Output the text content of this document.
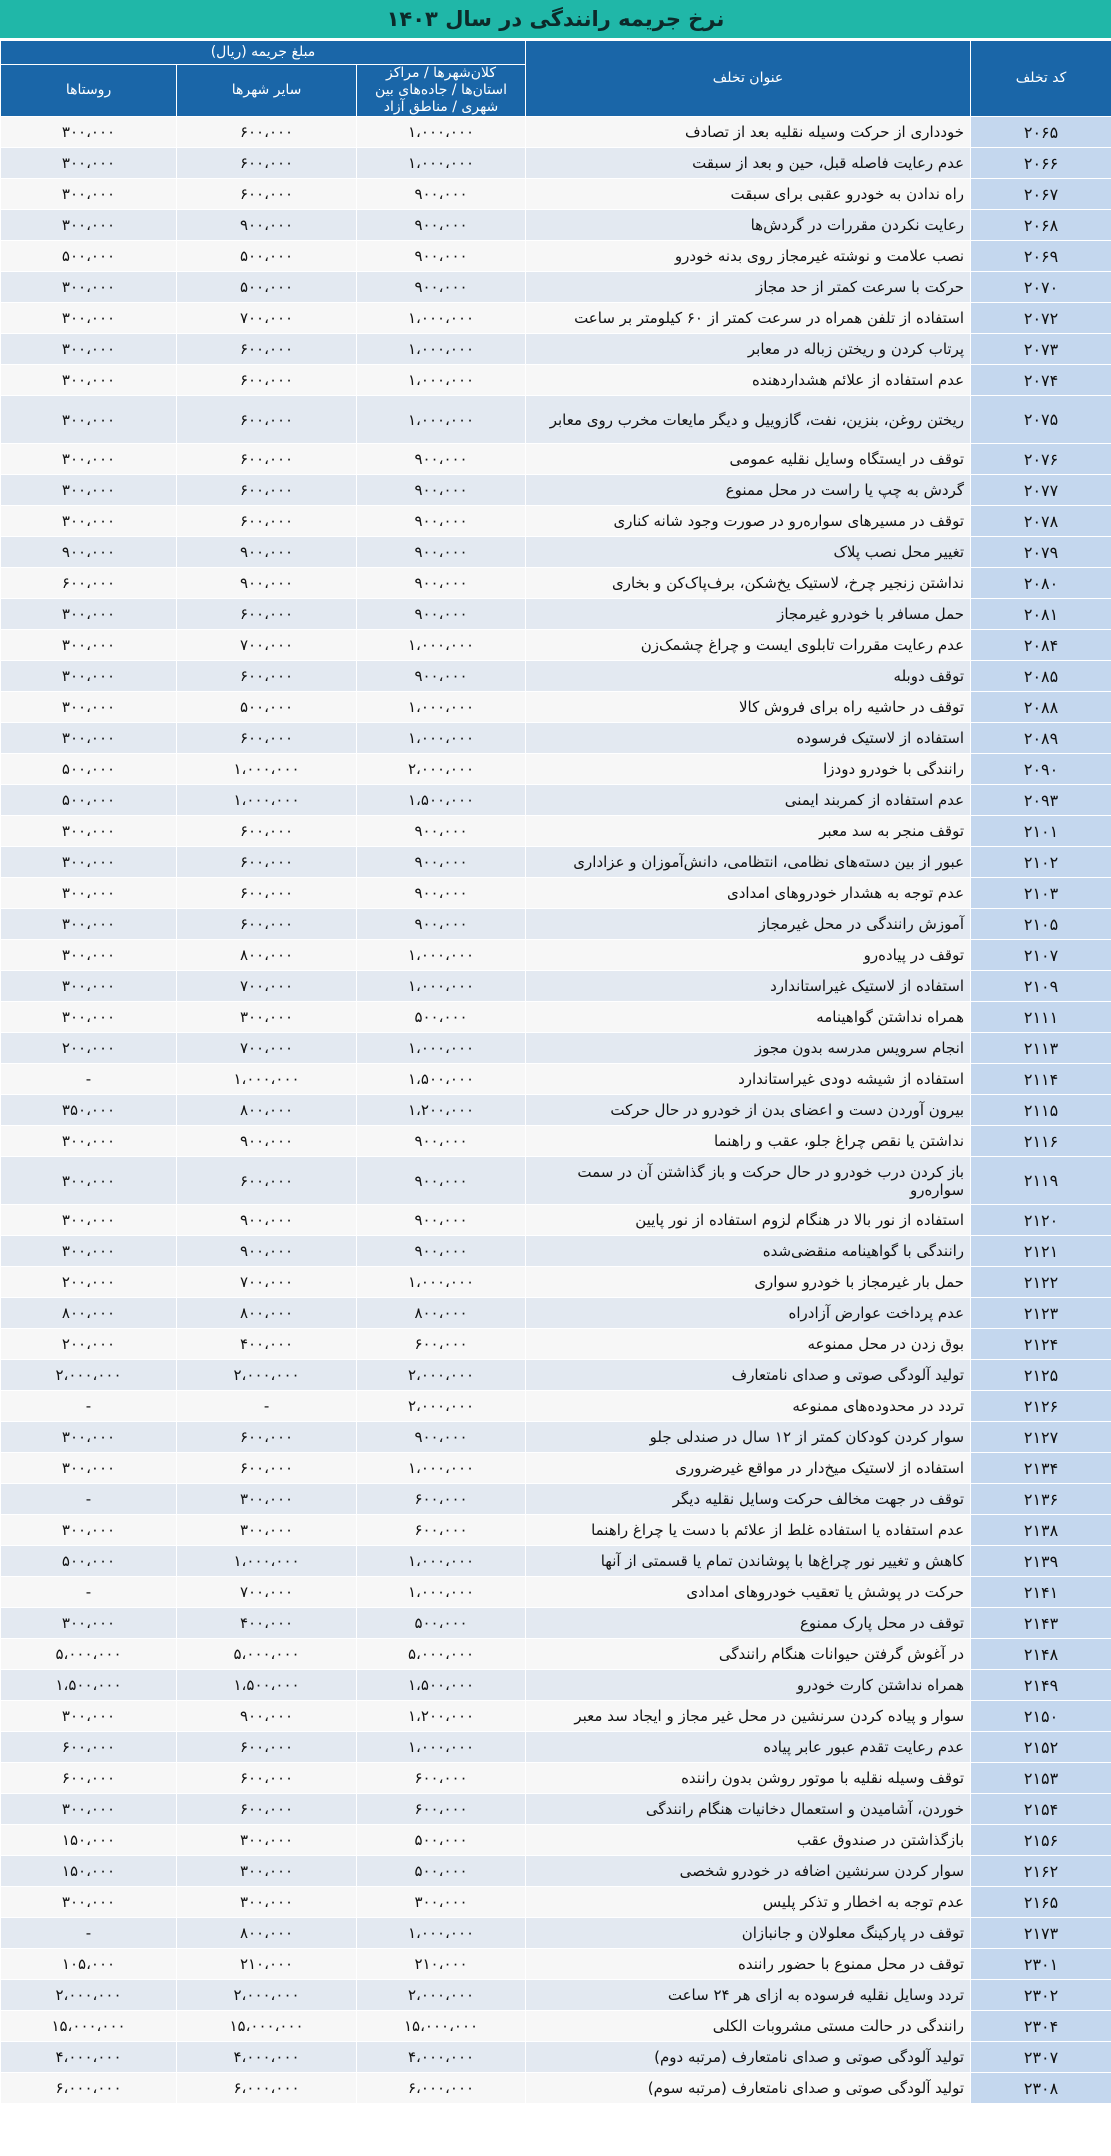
نرخ جریمه رانندگی در سال ۱۴۰۳
کد تخلف	عنوان تخلف	مبلغ جریمه (ریال)		
		کلان‌شهرها / مراکز استان‌ها / جاده‌های بین شهری / مناطق آزاد	سایر شهرها	روستاها
۲۰۶۵	خودداری از حرکت وسیله نقلیه بعد از تصادف	۱،۰۰۰،۰۰۰	۶۰۰،۰۰۰	۳۰۰،۰۰۰
۲۰۶۶	عدم رعایت فاصله قبل، حین و بعد از سبقت	۱،۰۰۰،۰۰۰	۶۰۰،۰۰۰	۳۰۰،۰۰۰
۲۰۶۷	راه ندادن به خودرو عقبی برای سبقت	۹۰۰،۰۰۰	۶۰۰،۰۰۰	۳۰۰،۰۰۰
۲۰۶۸	رعایت نکردن مقررات در گردش‌ها	۹۰۰،۰۰۰	۹۰۰،۰۰۰	۳۰۰،۰۰۰
۲۰۶۹	نصب علامت و نوشته غیرمجاز روی بدنه خودرو	۹۰۰،۰۰۰	۵۰۰،۰۰۰	۵۰۰،۰۰۰
۲۰۷۰	حرکت با سرعت کمتر از حد مجاز	۹۰۰،۰۰۰	۵۰۰،۰۰۰	۳۰۰،۰۰۰
۲۰۷۲	استفاده از تلفن همراه در سرعت کمتر از ۶۰ کیلومتر بر ساعت	۱،۰۰۰،۰۰۰	۷۰۰،۰۰۰	۳۰۰،۰۰۰
۲۰۷۳	پرتاب کردن و ریختن زباله در معابر	۱،۰۰۰،۰۰۰	۶۰۰،۰۰۰	۳۰۰،۰۰۰
۲۰۷۴	عدم استفاده از علائم هشداردهنده	۱،۰۰۰،۰۰۰	۶۰۰،۰۰۰	۳۰۰،۰۰۰
۲۰۷۵	ریختن روغن، بنزین، نفت، گازوییل و دیگر مایعات مخرب روی معابر	۱،۰۰۰،۰۰۰	۶۰۰،۰۰۰	۳۰۰،۰۰۰
۲۰۷۶	توقف در ایستگاه وسایل نقلیه عمومی	۹۰۰،۰۰۰	۶۰۰،۰۰۰	۳۰۰،۰۰۰
۲۰۷۷	گردش به چپ یا راست در محل ممنوع	۹۰۰،۰۰۰	۶۰۰،۰۰۰	۳۰۰،۰۰۰
۲۰۷۸	توقف در مسیرهای سواره‌رو در صورت وجود شانه کناری	۹۰۰،۰۰۰	۶۰۰،۰۰۰	۳۰۰،۰۰۰
۲۰۷۹	تغییر محل نصب پلاک	۹۰۰،۰۰۰	۹۰۰،۰۰۰	۹۰۰،۰۰۰
۲۰۸۰	نداشتن زنجیر چرخ، لاستیک یخ‌شکن، برف‌پاک‌کن و بخاری	۹۰۰،۰۰۰	۹۰۰،۰۰۰	۶۰۰،۰۰۰
۲۰۸۱	حمل مسافر با خودرو غیرمجاز	۹۰۰،۰۰۰	۶۰۰،۰۰۰	۳۰۰،۰۰۰
۲۰۸۴	عدم رعایت مقررات تابلوی ایست و چراغ چشمک‌زن	۱،۰۰۰،۰۰۰	۷۰۰،۰۰۰	۳۰۰،۰۰۰
۲۰۸۵	توقف دوبله	۹۰۰،۰۰۰	۶۰۰،۰۰۰	۳۰۰،۰۰۰
۲۰۸۸	توقف در حاشیه راه برای فروش کالا	۱،۰۰۰،۰۰۰	۵۰۰،۰۰۰	۳۰۰،۰۰۰
۲۰۸۹	استفاده از لاستیک فرسوده	۱،۰۰۰،۰۰۰	۶۰۰،۰۰۰	۳۰۰،۰۰۰
۲۰۹۰	رانندگی با خودرو دودزا	۲،۰۰۰،۰۰۰	۱،۰۰۰،۰۰۰	۵۰۰،۰۰۰
۲۰۹۳	عدم استفاده از کمربند ایمنی	۱،۵۰۰،۰۰۰	۱،۰۰۰،۰۰۰	۵۰۰،۰۰۰
۲۱۰۱	توقف منجر به سد معبر	۹۰۰،۰۰۰	۶۰۰،۰۰۰	۳۰۰،۰۰۰
۲۱۰۲	عبور از بین دسته‌های نظامی، انتظامی، دانش‌آموزان و عزاداری	۹۰۰،۰۰۰	۶۰۰،۰۰۰	۳۰۰،۰۰۰
۲۱۰۳	عدم توجه به هشدار خودروهای امدادی	۹۰۰،۰۰۰	۶۰۰،۰۰۰	۳۰۰،۰۰۰
۲۱۰۵	آموزش رانندگی در محل غیرمجاز	۹۰۰،۰۰۰	۶۰۰،۰۰۰	۳۰۰،۰۰۰
۲۱۰۷	توقف در پیاده‌رو	۱،۰۰۰،۰۰۰	۸۰۰،۰۰۰	۳۰۰،۰۰۰
۲۱۰۹	استفاده از لاستیک غیراستاندارد	۱،۰۰۰،۰۰۰	۷۰۰،۰۰۰	۳۰۰،۰۰۰
۲۱۱۱	همراه نداشتن گواهینامه	۵۰۰،۰۰۰	۳۰۰،۰۰۰	۳۰۰،۰۰۰
۲۱۱۳	انجام سرویس مدرسه بدون مجوز	۱،۰۰۰،۰۰۰	۷۰۰،۰۰۰	۲۰۰،۰۰۰
۲۱۱۴	استفاده از شیشه دودی غیراستاندارد	۱،۵۰۰،۰۰۰	۱،۰۰۰،۰۰۰	-
۲۱۱۵	بیرون آوردن دست و اعضای بدن از خودرو در حال حرکت	۱،۲۰۰،۰۰۰	۸۰۰،۰۰۰	۳۵۰،۰۰۰
۲۱۱۶	نداشتن یا نقص چراغ جلو، عقب و راهنما	۹۰۰،۰۰۰	۹۰۰،۰۰۰	۳۰۰،۰۰۰
۲۱۱۹	باز کردن درب خودرو در حال حرکت و باز گذاشتن آن در سمت سواره‌رو	۹۰۰،۰۰۰	۶۰۰،۰۰۰	۳۰۰،۰۰۰
۲۱۲۰	استفاده از نور بالا در هنگام لزوم استفاده از نور پایین	۹۰۰،۰۰۰	۹۰۰،۰۰۰	۳۰۰،۰۰۰
۲۱۲۱	رانندگی با گواهینامه منقضی‌شده	۹۰۰،۰۰۰	۹۰۰،۰۰۰	۳۰۰،۰۰۰
۲۱۲۲	حمل بار غیرمجاز با خودرو سواری	۱،۰۰۰،۰۰۰	۷۰۰،۰۰۰	۲۰۰،۰۰۰
۲۱۲۳	عدم پرداخت عوارض آزادراه	۸۰۰،۰۰۰	۸۰۰،۰۰۰	۸۰۰،۰۰۰
۲۱۲۴	بوق زدن در محل ممنوعه	۶۰۰،۰۰۰	۴۰۰،۰۰۰	۲۰۰،۰۰۰
۲۱۲۵	تولید آلودگی صوتی و صدای نامتعارف	۲،۰۰۰،۰۰۰	۲،۰۰۰،۰۰۰	۲،۰۰۰،۰۰۰
۲۱۲۶	تردد در محدوده‌های ممنوعه	۲،۰۰۰،۰۰۰	-	-
۲۱۲۷	سوار کردن کودکان کمتر از ۱۲ سال در صندلی جلو	۹۰۰،۰۰۰	۶۰۰،۰۰۰	۳۰۰،۰۰۰
۲۱۳۴	استفاده از لاستیک میخ‌دار در مواقع غیرضروری	۱،۰۰۰،۰۰۰	۶۰۰،۰۰۰	۳۰۰،۰۰۰
۲۱۳۶	توقف در جهت مخالف حرکت وسایل نقلیه دیگر	۶۰۰،۰۰۰	۳۰۰،۰۰۰	-
۲۱۳۸	عدم استفاده یا استفاده غلط از علائم با دست یا چراغ راهنما	۶۰۰،۰۰۰	۳۰۰،۰۰۰	۳۰۰،۰۰۰
۲۱۳۹	کاهش و تغییر نور چراغ‌ها با پوشاندن تمام یا قسمتی از آنها	۱،۰۰۰،۰۰۰	۱،۰۰۰،۰۰۰	۵۰۰،۰۰۰
۲۱۴۱	حرکت در پوشش یا تعقیب خودروهای امدادی	۱،۰۰۰،۰۰۰	۷۰۰،۰۰۰	-
۲۱۴۳	توقف در محل پارک ممنوع	۵۰۰،۰۰۰	۴۰۰،۰۰۰	۳۰۰،۰۰۰
۲۱۴۸	در آغوش گرفتن حیوانات هنگام رانندگی	۵،۰۰۰،۰۰۰	۵،۰۰۰،۰۰۰	۵،۰۰۰،۰۰۰
۲۱۴۹	همراه نداشتن کارت خودرو	۱،۵۰۰،۰۰۰	۱،۵۰۰،۰۰۰	۱،۵۰۰،۰۰۰
۲۱۵۰	سوار و پیاده کردن سرنشین در محل غیر مجاز و ایجاد سد معبر	۱،۲۰۰،۰۰۰	۹۰۰،۰۰۰	۳۰۰،۰۰۰
۲۱۵۲	عدم رعایت تقدم عبور عابر پیاده	۱،۰۰۰،۰۰۰	۶۰۰،۰۰۰	۶۰۰،۰۰۰
۲۱۵۳	توقف وسیله نقلیه با موتور روشن بدون راننده	۶۰۰،۰۰۰	۶۰۰،۰۰۰	۶۰۰،۰۰۰
۲۱۵۴	خوردن، آشامیدن و استعمال دخانیات هنگام رانندگی	۶۰۰،۰۰۰	۶۰۰،۰۰۰	۳۰۰،۰۰۰
۲۱۵۶	بازگذاشتن در صندوق عقب	۵۰۰،۰۰۰	۳۰۰،۰۰۰	۱۵۰،۰۰۰
۲۱۶۲	سوار کردن سرنشین اضافه در خودرو شخصی	۵۰۰،۰۰۰	۳۰۰،۰۰۰	۱۵۰،۰۰۰
۲۱۶۵	عدم توجه به اخطار و تذکر پلیس	۳۰۰،۰۰۰	۳۰۰،۰۰۰	۳۰۰،۰۰۰
۲۱۷۳	توقف در پارکینگ معلولان و جانبازان	۱،۰۰۰،۰۰۰	۸۰۰،۰۰۰	-
۲۳۰۱	توقف در محل ممنوع با حضور راننده	۲۱۰،۰۰۰	۲۱۰،۰۰۰	۱۰۵،۰۰۰
۲۳۰۲	تردد وسایل نقلیه فرسوده به ازای هر ۲۴ ساعت	۲،۰۰۰،۰۰۰	۲،۰۰۰،۰۰۰	۲،۰۰۰،۰۰۰
۲۳۰۴	رانندگی در حالت مستی مشروبات الکلی	۱۵،۰۰۰،۰۰۰	۱۵،۰۰۰،۰۰۰	۱۵،۰۰۰،۰۰۰
۲۳۰۷	تولید آلودگی صوتی و صدای نامتعارف (مرتبه دوم)	۴،۰۰۰،۰۰۰	۴،۰۰۰،۰۰۰	۴،۰۰۰،۰۰۰
۲۳۰۸	تولید آلودگی صوتی و صدای نامتعارف (مرتبه سوم)	۶،۰۰۰،۰۰۰	۶،۰۰۰،۰۰۰	۶،۰۰۰،۰۰۰
